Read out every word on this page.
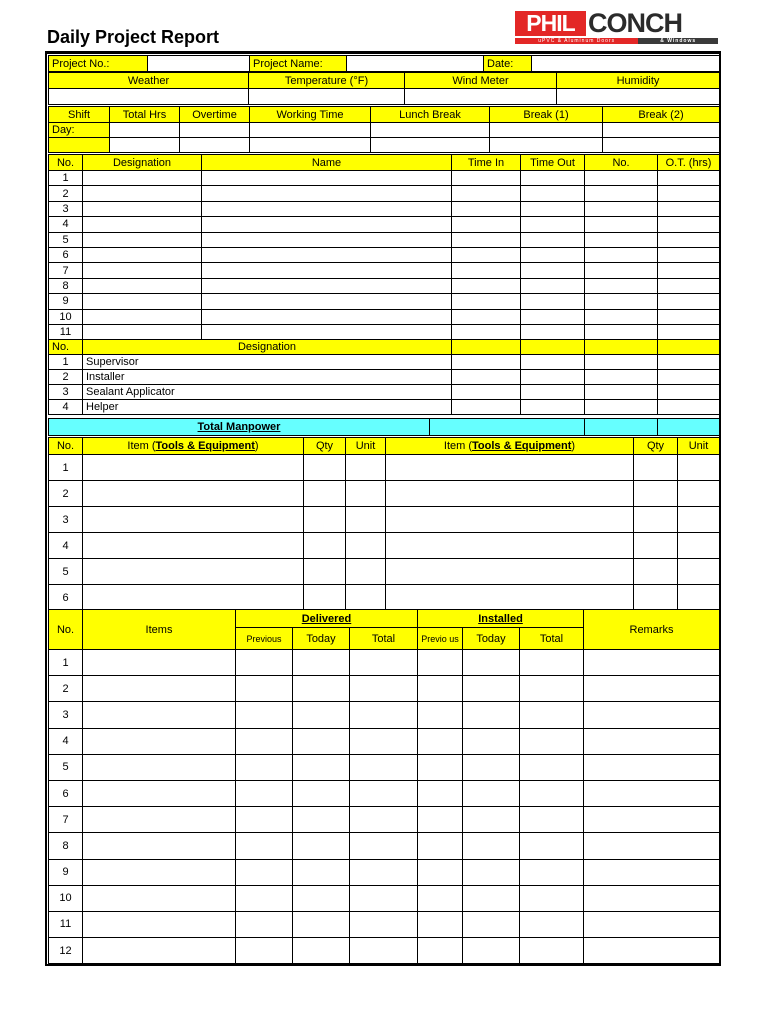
Daily Project Report
PHIL CONCH
uPVC & Aluminum Doors	& Windows
Project No.:		Project Name:		Date:	
Weather	Temperature (°F)	Wind Meter	Humidity

Shift	Total Hrs	Overtime	Working Time	Lunch Break	Break (1)	Break (2)
Day:						

No.	Designation	Name	Time In	Time Out	No.	O.T. (hrs)
1						
2						
3						
4						
5						
6						
7						
8						
9						
10						
11						
No.	Designation					
1	Supervisor					
2	Installer					
3	Sealant Applicator					
4	Helper					
Total Manpower			
No.	Item (Tools & Equipment)	Qty	Unit	Item (Tools & Equipment)	Qty	Unit
1						
2						
3						
4						
5						
6						
No.	Items	Delivered			Installed			Remarks
		Previous	Today	Total	Previo us	Today	Total	
1								
2								
3								
4								
5								
6								
7								
8								
9								
10								
11								
12								
